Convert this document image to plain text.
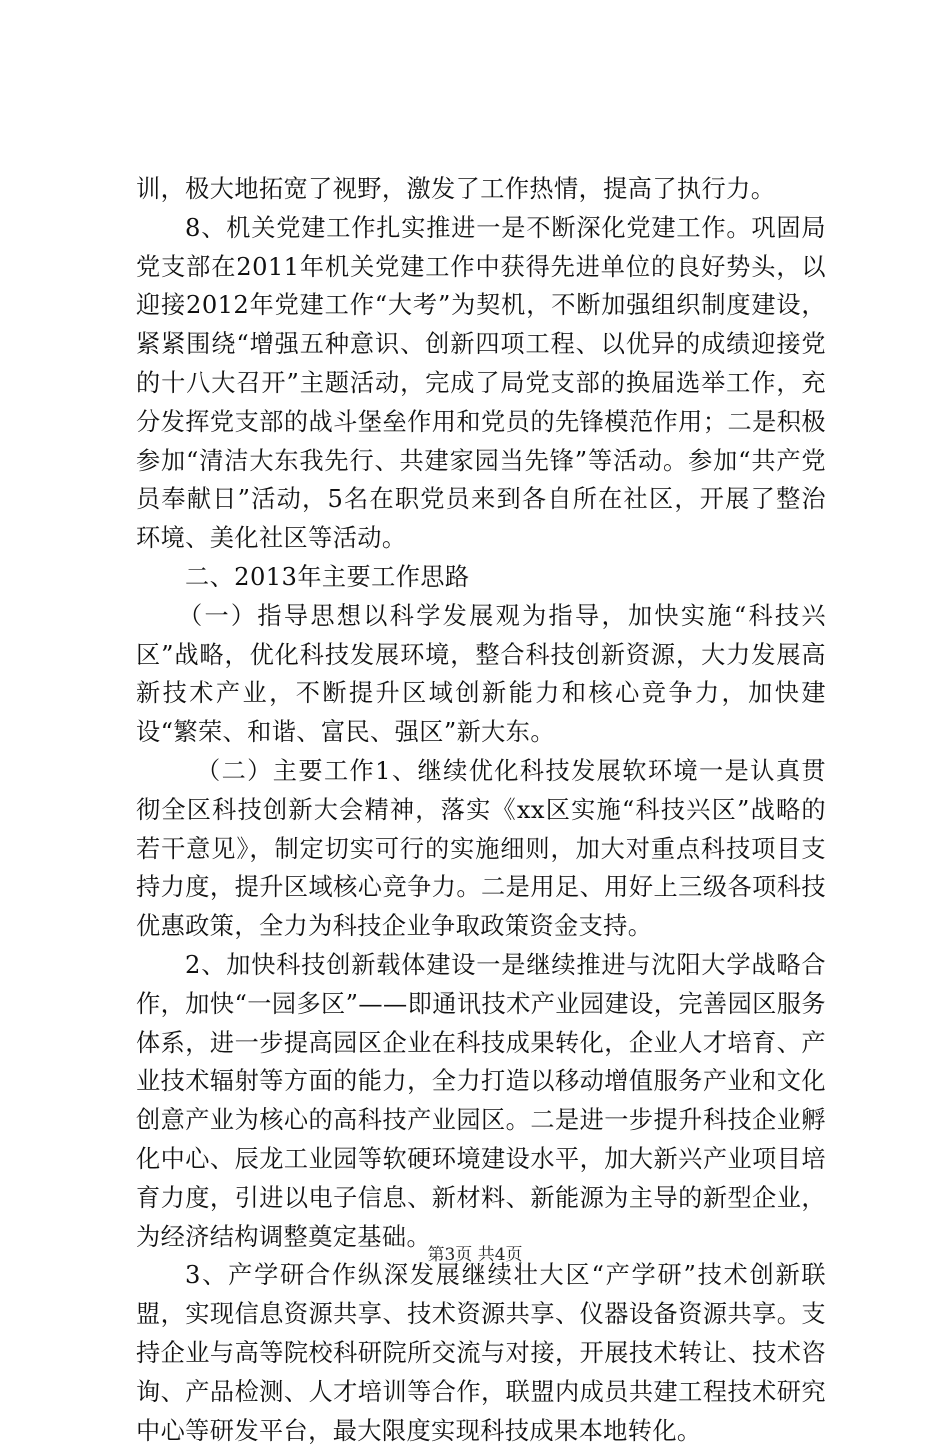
训，极大地拓宽了视野，激发了工作热情，提高了执行力。

8、机关党建工作扎实推进一是不断深化党建工作。巩固局党支部在2011年机关党建工作中获得先进单位的良好势头，以迎接2012年党建工作“大考”为契机，不断加强组织制度建设，紧紧围绕“增强五种意识、创新四项工程、以优异的成绩迎接党的十八大召开”主题活动，完成了局党支部的换届选举工作，充分发挥党支部的战斗堡垒作用和党员的先锋模范作用；二是积极参加“清洁大东我先行、共建家园当先锋”等活动。参加“共产党员奉献日”活动，5名在职党员来到各自所在社区，开展了整治环境、美化社区等活动。

二、2013年主要工作思路

（一）指导思想以科学发展观为指导，加快实施“科技兴区”战略，优化科技发展环境，整合科技创新资源，大力发展高新技术产业，不断提升区域创新能力和核心竞争力，加快建设“繁荣、和谐、富民、强区”新大东。

（二）主要工作1、继续优化科技发展软环境一是认真贯彻全区科技创新大会精神，落实《xx区实施“科技兴区”战略的若干意见》，制定切实可行的实施细则，加大对重点科技项目支持力度，提升区域核心竞争力。二是用足、用好上三级各项科技优惠政策，全力为科技企业争取政策资金支持。

2、加快科技创新载体建设一是继续推进与沈阳大学战略合作，加快“一园多区”——即通讯技术产业园建设，完善园区服务体系，进一步提高园区企业在科技成果转化，企业人才培育、产业技术辐射等方面的能力，全力打造以移动增值服务产业和文化创意产业为核心的高科技产业园区。二是进一步提升科技企业孵化中心、辰龙工业园等软硬环境建设水平，加大新兴产业项目培育力度，引进以电子信息、新材料、新能源为主导的新型企业，为经济结构调整奠定基础。

3、产学研合作纵深发展继续壮大区“产学研”技术创新联盟，实现信息资源共享、技术资源共享、仪器设备资源共享。支持企业与高等院校科研院所交流与对接，开展技术转让、技术咨询、产品检测、人才培训等合作，联盟内成员共建工程技术研究中心等研发平台，最大限度实现科技成果本地转化。

第3页 共4页
